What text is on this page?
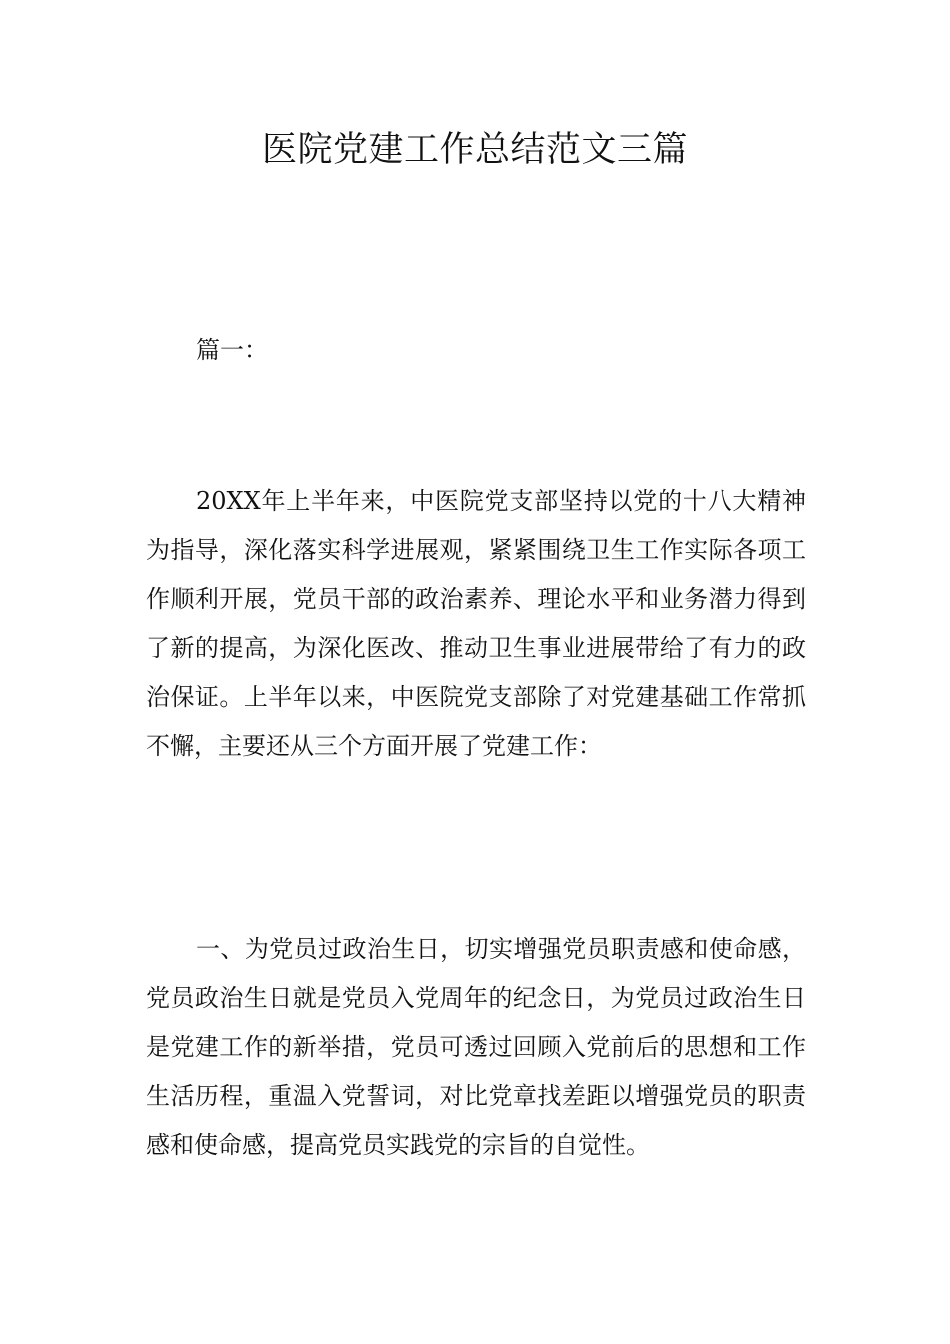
医院党建工作总结范文三篇

篇一：

20XX年上半年来，中医院党支部坚持以党的十八大精神为指导，深化落实科学进展观，紧紧围绕卫生工作实际各项工作顺利开展，党员干部的政治素养、理论水平和业务潜力得到了新的提高，为深化医改、推动卫生事业进展带给了有力的政治保证。上半年以来，中医院党支部除了对党建基础工作常抓不懈，主要还从三个方面开展了党建工作：

一、为党员过政治生日，切实增强党员职责感和使命感，党员政治生日就是党员入党周年的纪念日，为党员过政治生日是党建工作的新举措，党员可透过回顾入党前后的思想和工作生活历程，重温入党誓词，对比党章找差距以增强党员的职责感和使命感，提高党员实践党的宗旨的自觉性。
